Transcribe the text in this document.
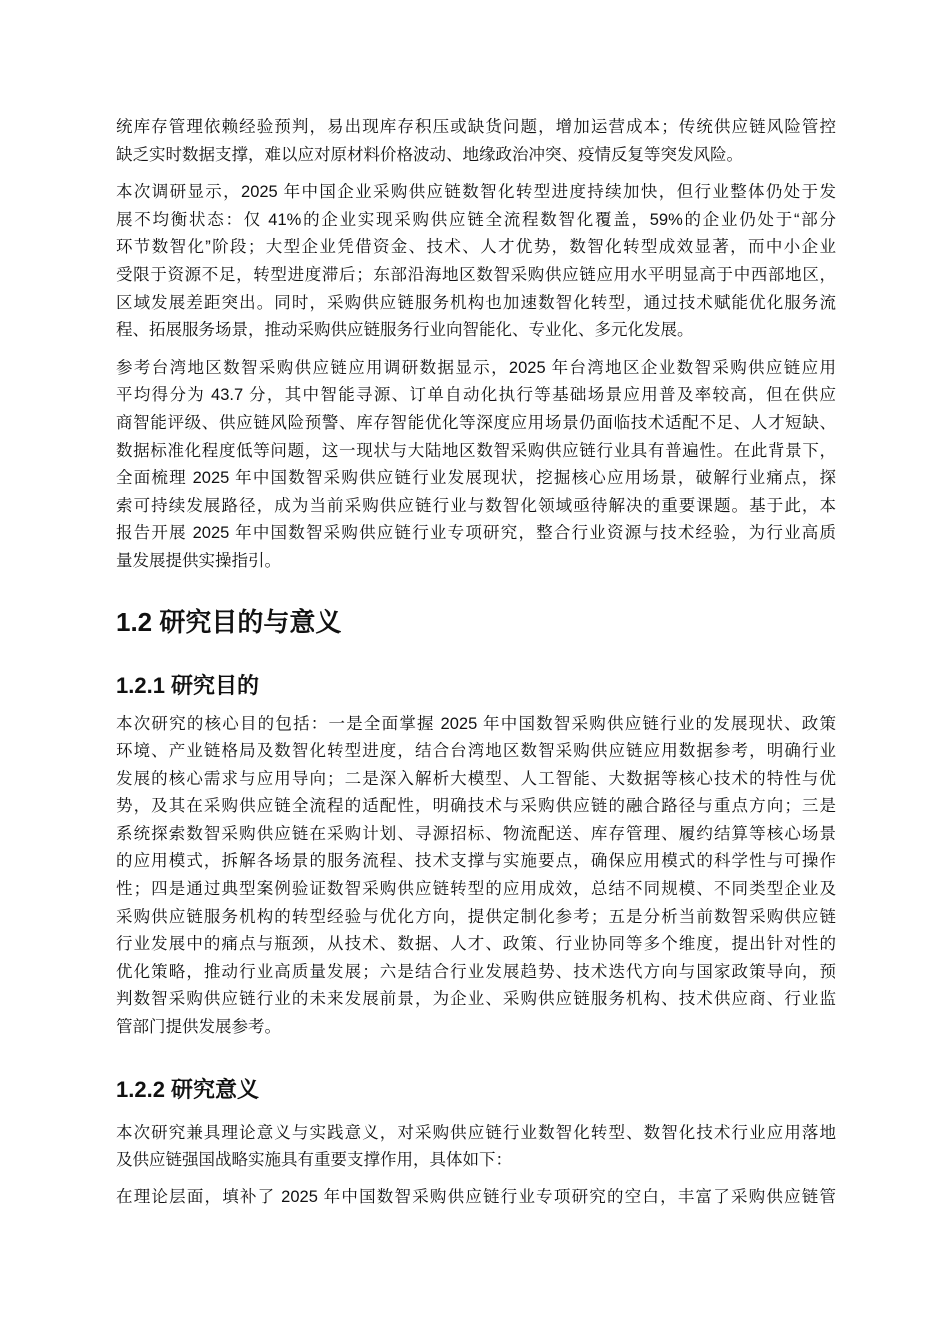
统库存管理依赖经验预判，易出现库存积压或缺货问题，增加运营成本；传统供应链风险管控
缺乏实时数据支撑，难以应对原材料价格波动、地缘政治冲突、疫情反复等突发风险。
本次调研显示，2025 年中国企业采购供应链数智化转型进度持续加快，但行业整体仍处于发
展不均衡状态：仅 41%的企业实现采购供应链全流程数智化覆盖，59%的企业仍处于“部分
环节数智化”阶段；大型企业凭借资金、技术、人才优势，数智化转型成效显著，而中小企业
受限于资源不足，转型进度滞后；东部沿海地区数智采购供应链应用水平明显高于中西部地区，
区域发展差距突出。同时，采购供应链服务机构也加速数智化转型，通过技术赋能优化服务流
程、拓展服务场景，推动采购供应链服务行业向智能化、专业化、多元化发展。
参考台湾地区数智采购供应链应用调研数据显示，2025 年台湾地区企业数智采购供应链应用
平均得分为 43.7 分，其中智能寻源、订单自动化执行等基础场景应用普及率较高，但在供应
商智能评级、供应链风险预警、库存智能优化等深度应用场景仍面临技术适配不足、人才短缺、
数据标准化程度低等问题，这一现状与大陆地区数智采购供应链行业具有普遍性。在此背景下，
全面梳理 2025 年中国数智采购供应链行业发展现状，挖掘核心应用场景，破解行业痛点，探
索可持续发展路径，成为当前采购供应链行业与数智化领域亟待解决的重要课题。基于此，本
报告开展 2025 年中国数智采购供应链行业专项研究，整合行业资源与技术经验，为行业高质
量发展提供实操指引。
1.2 研究目的与意义
1.2.1 研究目的
本次研究的核心目的包括：一是全面掌握 2025 年中国数智采购供应链行业的发展现状、政策
环境、产业链格局及数智化转型进度，结合台湾地区数智采购供应链应用数据参考，明确行业
发展的核心需求与应用导向；二是深入解析大模型、人工智能、大数据等核心技术的特性与优
势，及其在采购供应链全流程的适配性，明确技术与采购供应链的融合路径与重点方向；三是
系统探索数智采购供应链在采购计划、寻源招标、物流配送、库存管理、履约结算等核心场景
的应用模式，拆解各场景的服务流程、技术支撑与实施要点，确保应用模式的科学性与可操作
性；四是通过典型案例验证数智采购供应链转型的应用成效，总结不同规模、不同类型企业及
采购供应链服务机构的转型经验与优化方向，提供定制化参考；五是分析当前数智采购供应链
行业发展中的痛点与瓶颈，从技术、数据、人才、政策、行业协同等多个维度，提出针对性的
优化策略，推动行业高质量发展；六是结合行业发展趋势、技术迭代方向与国家政策导向，预
判数智采购供应链行业的未来发展前景，为企业、采购供应链服务机构、技术供应商、行业监
管部门提供发展参考。
1.2.2 研究意义
本次研究兼具理论意义与实践意义，对采购供应链行业数智化转型、数智化技术行业应用落地
及供应链强国战略实施具有重要支撑作用，具体如下：
在理论层面，填补了 2025 年中国数智采购供应链行业专项研究的空白，丰富了采购供应链管
